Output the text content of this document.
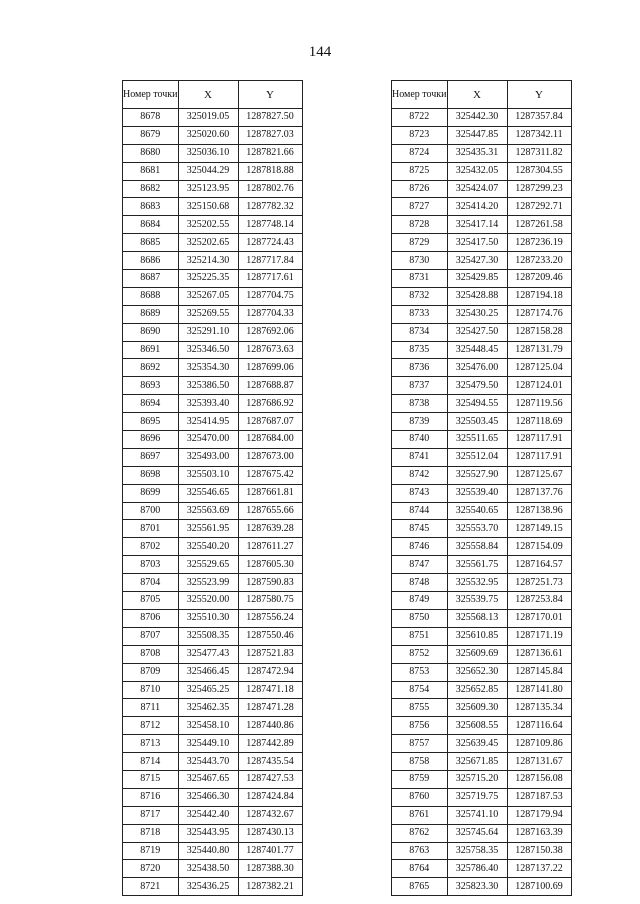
144
Номер точки	X	Y
8678	325019.05	1287827.50
8679	325020.60	1287827.03
8680	325036.10	1287821.66
8681	325044.29	1287818.88
8682	325123.95	1287802.76
8683	325150.68	1287782.32
8684	325202.55	1287748.14
8685	325202.65	1287724.43
8686	325214.30	1287717.84
8687	325225.35	1287717.61
8688	325267.05	1287704.75
8689	325269.55	1287704.33
8690	325291.10	1287692.06
8691	325346.50	1287673.63
8692	325354.30	1287699.06
8693	325386.50	1287688.87
8694	325393.40	1287686.92
8695	325414.95	1287687.07
8696	325470.00	1287684.00
8697	325493.00	1287673.00
8698	325503.10	1287675.42
8699	325546.65	1287661.81
8700	325563.69	1287655.66
8701	325561.95	1287639.28
8702	325540.20	1287611.27
8703	325529.65	1287605.30
8704	325523.99	1287590.83
8705	325520.00	1287580.75
8706	325510.30	1287556.24
8707	325508.35	1287550.46
8708	325477.43	1287521.83
8709	325466.45	1287472.94
8710	325465.25	1287471.18
8711	325462.35	1287471.28
8712	325458.10	1287440.86
8713	325449.10	1287442.89
8714	325443.70	1287435.54
8715	325467.65	1287427.53
8716	325466.30	1287424.84
8717	325442.40	1287432.67
8718	325443.95	1287430.13
8719	325440.80	1287401.77
8720	325438.50	1287388.30
8721	325436.25	1287382.21
Номер точки	X	Y
8722	325442.30	1287357.84
8723	325447.85	1287342.11
8724	325435.31	1287311.82
8725	325432.05	1287304.55
8726	325424.07	1287299.23
8727	325414.20	1287292.71
8728	325417.14	1287261.58
8729	325417.50	1287236.19
8730	325427.30	1287233.20
8731	325429.85	1287209.46
8732	325428.88	1287194.18
8733	325430.25	1287174.76
8734	325427.50	1287158.28
8735	325448.45	1287131.79
8736	325476.00	1287125.04
8737	325479.50	1287124.01
8738	325494.55	1287119.56
8739	325503.45	1287118.69
8740	325511.65	1287117.91
8741	325512.04	1287117.91
8742	325527.90	1287125.67
8743	325539.40	1287137.76
8744	325540.65	1287138.96
8745	325553.70	1287149.15
8746	325558.84	1287154.09
8747	325561.75	1287164.57
8748	325532.95	1287251.73
8749	325539.75	1287253.84
8750	325568.13	1287170.01
8751	325610.85	1287171.19
8752	325609.69	1287136.61
8753	325652.30	1287145.84
8754	325652.85	1287141.80
8755	325609.30	1287135.34
8756	325608.55	1287116.64
8757	325639.45	1287109.86
8758	325671.85	1287131.67
8759	325715.20	1287156.08
8760	325719.75	1287187.53
8761	325741.10	1287179.94
8762	325745.64	1287163.39
8763	325758.35	1287150.38
8764	325786.40	1287137.22
8765	325823.30	1287100.69
